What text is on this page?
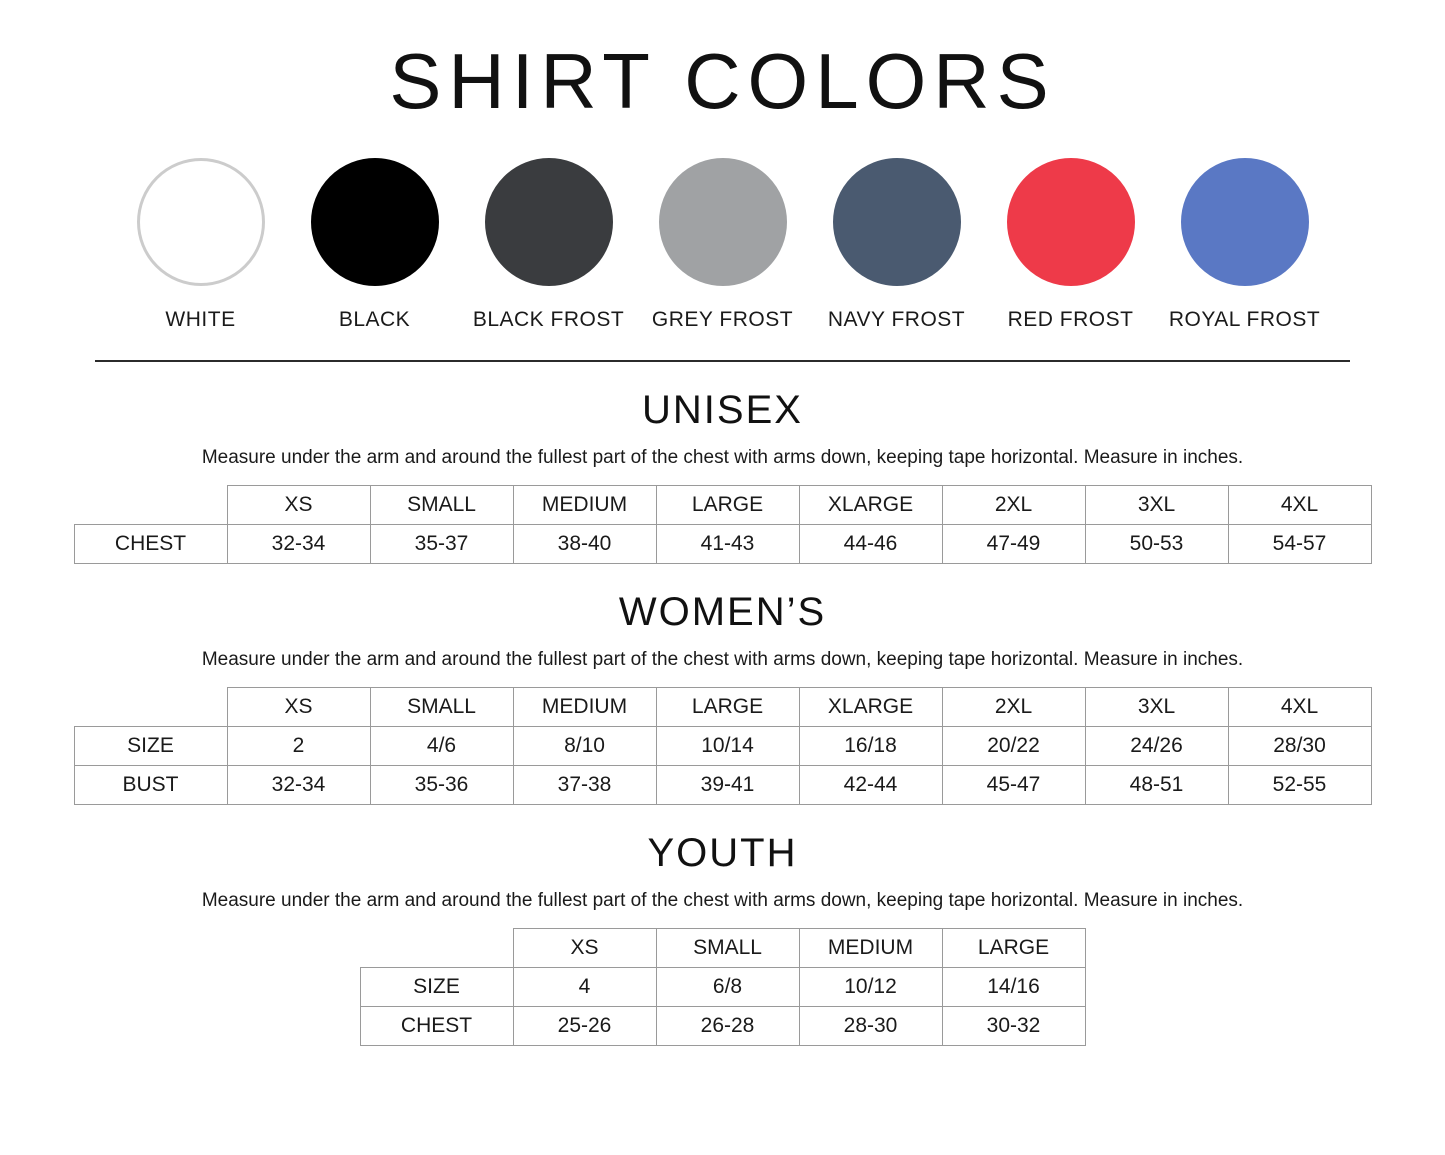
SHIRT COLORS
WHITE	BLACK	BLACK FROST GREY FROST NAVY FROST RED FROST ROYAL FROST
UNISEX

Measure under the arm and around the fullest part of the chest with arms down, keeping tape horizontal. Measure in inches.

	XS	SMALL	MEDIUM	LARGE	XLARGE	2XL	3XL	4XL
CHEST	32-34	35-37	38-40	41-43	44-46	47-49	50-53	54-57
WOMEN’S

Measure under the arm and around the fullest part of the chest with arms down, keeping tape horizontal. Measure in inches.

	XS	SMALL	MEDIUM	LARGE	XLARGE	2XL	3XL	4XL
SIZE	2	4/6	8/10	10/14	16/18	20/22	24/26	28/30
BUST	32-34	35-36	37-38	39-41	42-44	45-47	48-51	52-55
YOUTH

Measure under the arm and around the fullest part of the chest with arms down, keeping tape horizontal. Measure in inches.

	XS	SMALL	MEDIUM	LARGE
SIZE	4	6/8	10/12	14/16
CHEST	25-26	26-28	28-30	30-32
